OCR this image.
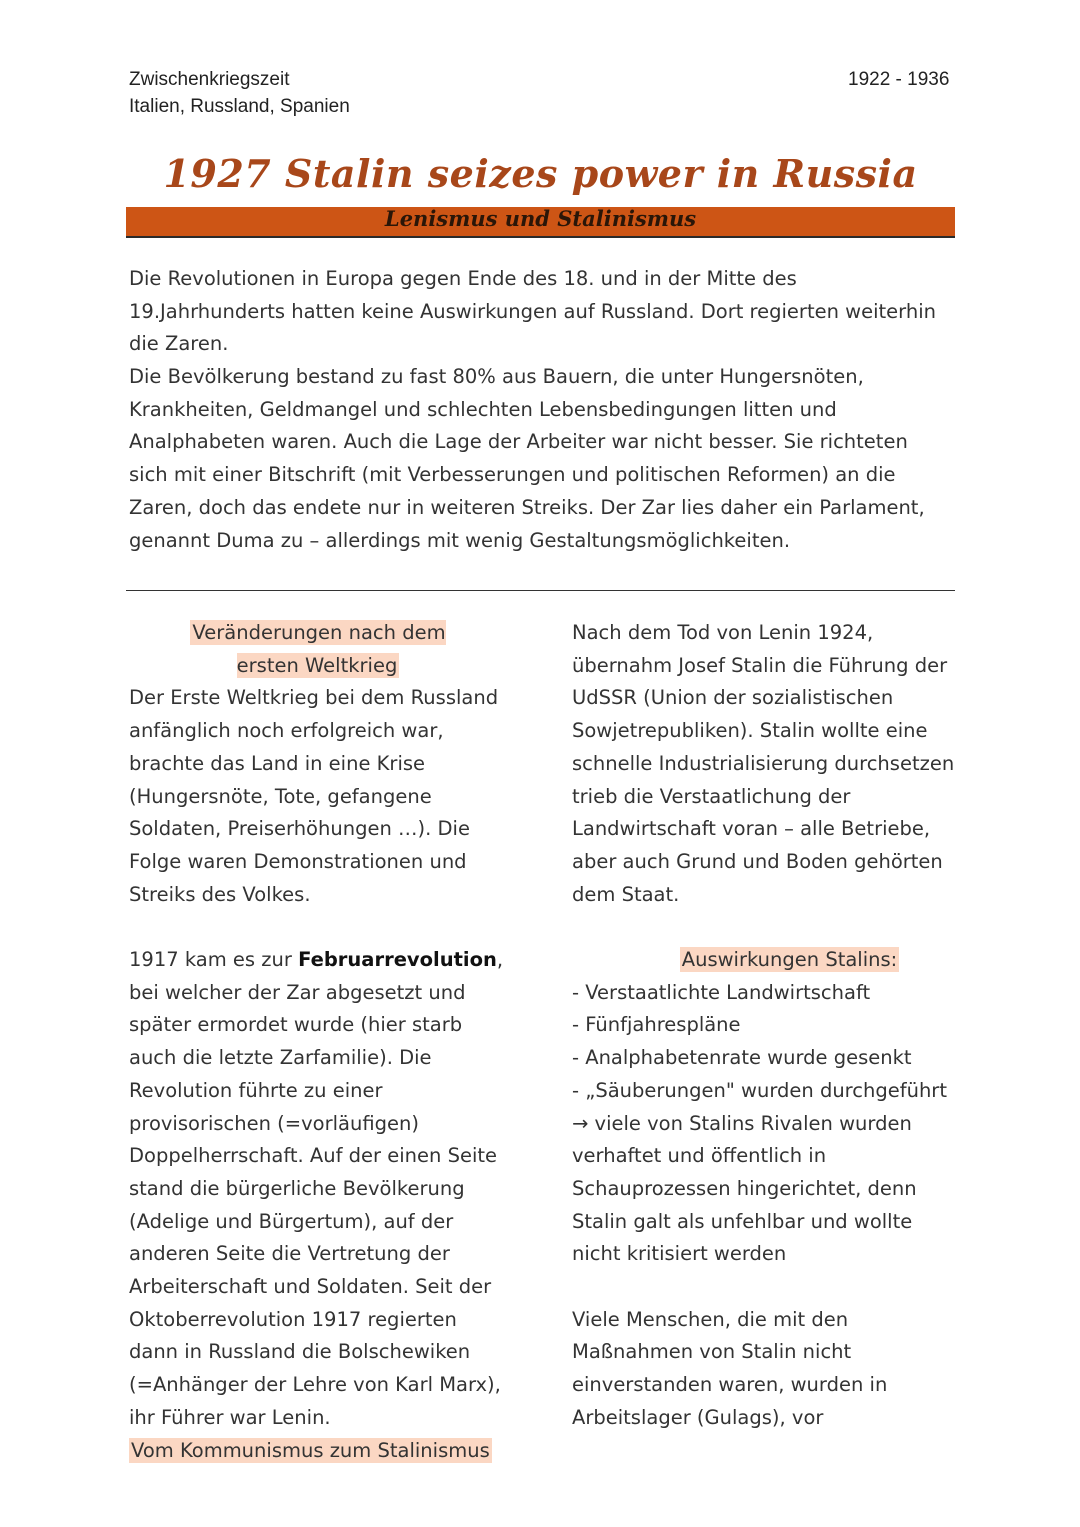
Zwischenkriegszeit
Italien, Russland, Spanien
1922 - 1936
1927 Stalin seizes power in Russia
Lenismus und Stalinismus
Die Revolutionen in Europa gegen Ende des 18. und in der Mitte des 19.Jahrhunderts hatten keine Auswirkungen auf Russland. Dort regierten weiterhin die Zaren.
Die Bevölkerung bestand zu fast 80% aus Bauern, die unter Hungersnöten, Krankheiten, Geldmangel und schlechten Lebensbedingungen litten und Analphabeten waren. Auch die Lage der Arbeiter war nicht besser. Sie richteten sich mit einer Bitschrift (mit Verbesserungen und politischen Reformen) an die Zaren, doch das endete nur in weiteren Streiks. Der Zar lies daher ein Parlament, genannt Duma zu – allerdings mit wenig Gestaltungsmöglichkeiten.

Veränderungen nach dem ersten Weltkrieg

Der Erste Weltkrieg bei dem Russland anfänglich noch erfolgreich war, brachte das Land in eine Krise (Hungersnöte, Tote, gefangene Soldaten, Preiserhöhungen …). Die Folge waren Demonstrationen und Streiks des Volkes.

1917 kam es zur Februarrevolution, bei welcher der Zar abgesetzt und später ermordet wurde (hier starb auch die letzte Zarfamilie). Die Revolution führte zu einer provisorischen (=vorläufigen) Doppelherrschaft. Auf der einen Seite stand die bürgerliche Bevölkerung (Adelige und Bürgertum), auf der anderen Seite die Vertretung der Arbeiterschaft und Soldaten. Seit der Oktoberrevolution 1917 regierten dann in Russland die Bolschewiken (=Anhänger der Lehre von Karl Marx), ihr Führer war Lenin.

Vom Kommunismus zum Stalinismus

Nach dem Tod von Lenin 1924, übernahm Josef Stalin die Führung der UdSSR (Union der sozialistischen Sowjetrepubliken). Stalin wollte eine schnelle Industrialisierung durchsetzen trieb die Verstaatlichung der Landwirtschaft voran – alle Betriebe, aber auch Grund und Boden gehörten dem Staat.

Auswirkungen Stalins:

- Verstaatlichte Landwirtschaft
- Fünfjahrespläne
- Analphabetenrate wurde gesenkt
- „Säuberungen" wurden durchgeführt → viele von Stalins Rivalen wurden verhaftet und öffentlich in Schauprozessen hingerichtet, denn Stalin galt als unfehlbar und wollte nicht kritisiert werden

Viele Menschen, die mit den Maßnahmen von Stalin nicht einverstanden waren, wurden in Arbeitslager (Gulags), vor
